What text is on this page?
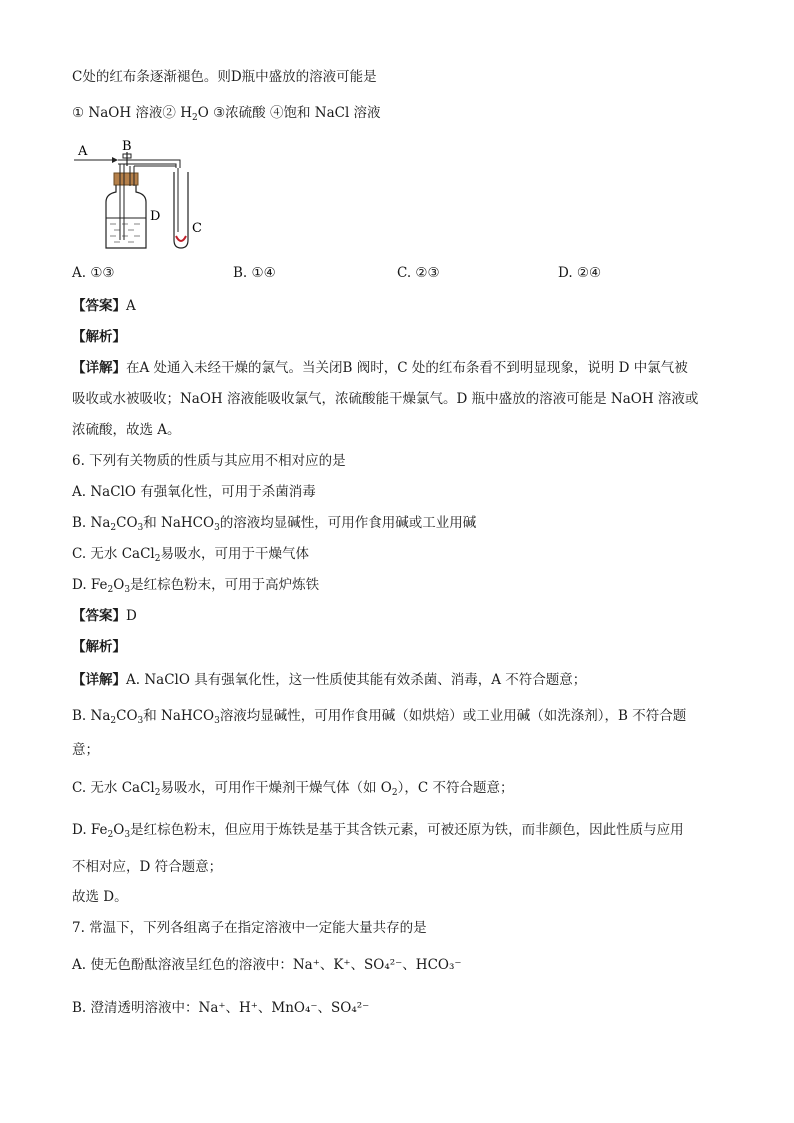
C处的红布条逐渐褪色。则D瓶中盛放的溶液可能是
① NaOH 溶液② $H_2O$ ③浓硫酸 ④饱和 NaCl 溶液
A	B
D
C
A. ①③	B. ①④	C. ②③	D. ②④
【答案】A
【解析】
【详解】在A 处通入未经干燥的氯气。当关闭B 阀时，C 处的红布条看不到明显现象，说明 D 中氯气被
吸收或水被吸收；NaOH 溶液能吸收氯气，浓硫酸能干燥氯气。D 瓶中盛放的溶液可能是 NaOH 溶液或
浓硫酸，故选 A。
6. 下列有关物质的性质与其应用不相对应的是
A. NaClO 有强氧化性，可用于杀菌消毒
B. $Na_2CO_3$和 NaHCO$_3$的溶液均显碱性，可用作食用碱或工业用碱
C. 无水 CaCl$_2$易吸水，可用于干燥气体
D. $Fe_2O_3$是红棕色粉末，可用于高炉炼铁
【答案】D
【解析】
【详解】A. NaClO 具有强氧化性，这一性质使其能有效杀菌、消毒，A 不符合题意；
B. $Na_2CO_3$和 NaHCO$_3$溶液均显碱性，可用作食用碱（如烘焙）或工业用碱（如洗涤剂），B 不符合题
意；
C. 无水 CaCl$_2$易吸水，可用作干燥剂干燥气体（如 $O_2$），C 不符合题意；
D. $Fe_2O_3$是红棕色粉末，但应用于炼铁是基于其含铁元素，可被还原为铁，而非颜色，因此性质与应用
不相对应，D 符合题意；
故选 D。
7. 常温下，下列各组离子在指定溶液中一定能大量共存的是
A. 使无色酚酞溶液呈红色的溶液中：Na⁺、K⁺、SO₄²⁻、HCO₃⁻
B. 澄清透明溶液中：Na⁺、H⁺、MnO₄⁻、SO₄²⁻
